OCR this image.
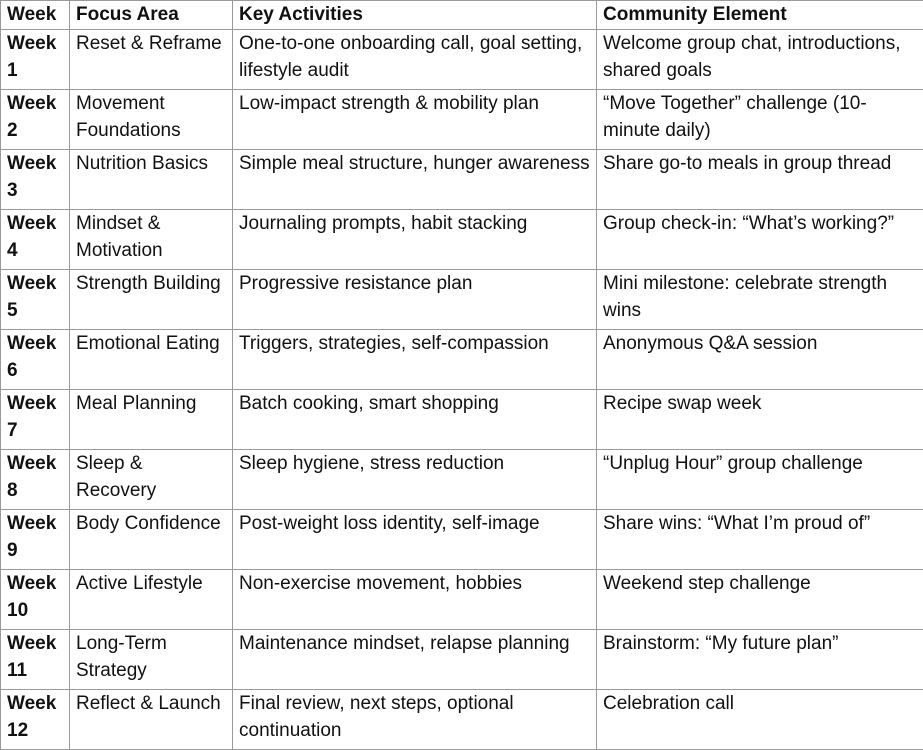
Week	Focus Area	Key Activities	Community Element
Week 1	Reset & Reframe	One-to-one onboarding call, goal setting, lifestyle audit	Welcome group chat, introductions, shared goals
Week 2	Movement Foundations	Low-impact strength & mobility plan	“Move Together” challenge (10-minute daily)
Week 3	Nutrition Basics	Simple meal structure, hunger awareness	Share go-to meals in group thread
Week 4	Mindset & Motivation	Journaling prompts, habit stacking	Group check-in: “What’s working?”
Week 5	Strength Building	Progressive resistance plan	Mini milestone: celebrate strength wins
Week 6	Emotional Eating	Triggers, strategies, self-compassion	Anonymous Q&A session
Week 7	Meal Planning	Batch cooking, smart shopping	Recipe swap week
Week 8	Sleep & Recovery	Sleep hygiene, stress reduction	“Unplug Hour” group challenge
Week 9	Body Confidence	Post-weight loss identity, self-image	Share wins: “What I’m proud of”
Week 10	Active Lifestyle	Non-exercise movement, hobbies	Weekend step challenge
Week 11	Long-Term Strategy	Maintenance mindset, relapse planning	Brainstorm: “My future plan”
Week 12	Reflect & Launch	Final review, next steps, optional continuation	Celebration call
